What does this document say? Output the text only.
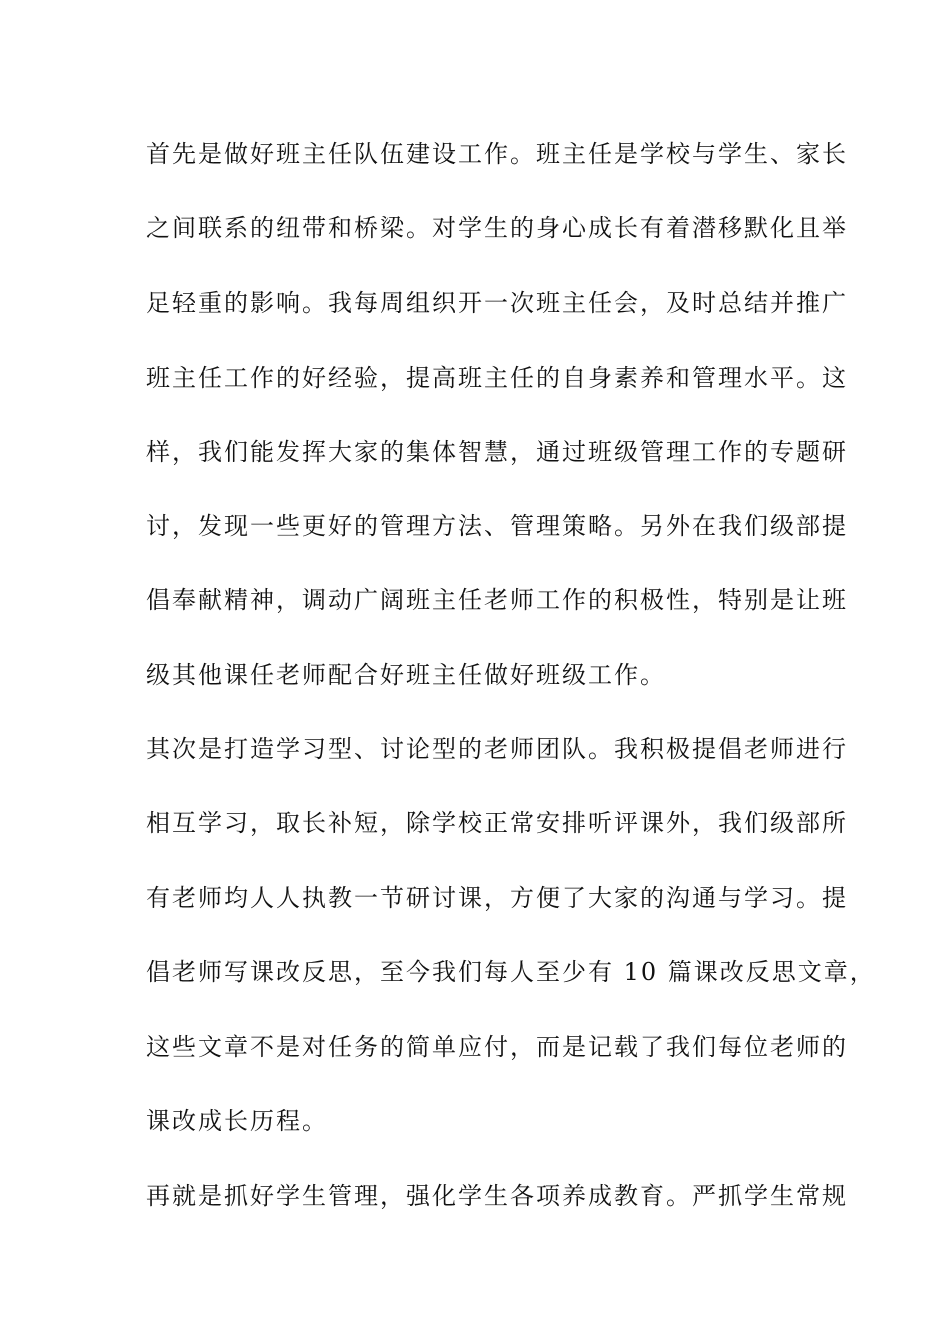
首先是做好班主任队伍建设工作。班主任是学校与学生、家长
之间联系的纽带和桥梁。对学生的身心成长有着潜移默化且举
足轻重的影响。我每周组织开一次班主任会，及时总结并推广
班主任工作的好经验，提高班主任的自身素养和管理水平。这
样，我们能发挥大家的集体智慧，通过班级管理工作的专题研
讨，发现一些更好的管理方法、管理策略。另外在我们级部提
倡奉献精神，调动广阔班主任老师工作的积极性，特别是让班
级其他课任老师配合好班主任做好班级工作。
其次是打造学习型、讨论型的老师团队。我积极提倡老师进行
相互学习，取长补短，除学校正常安排听评课外，我们级部所
有老师均人人执教一节研讨课，方便了大家的沟通与学习。提
倡老师写课改反思，至今我们每人至少有 10 篇课改反思文章，
这些文章不是对任务的简单应付，而是记载了我们每位老师的
课改成长历程。
再就是抓好学生管理，强化学生各项养成教育。严抓学生常规
